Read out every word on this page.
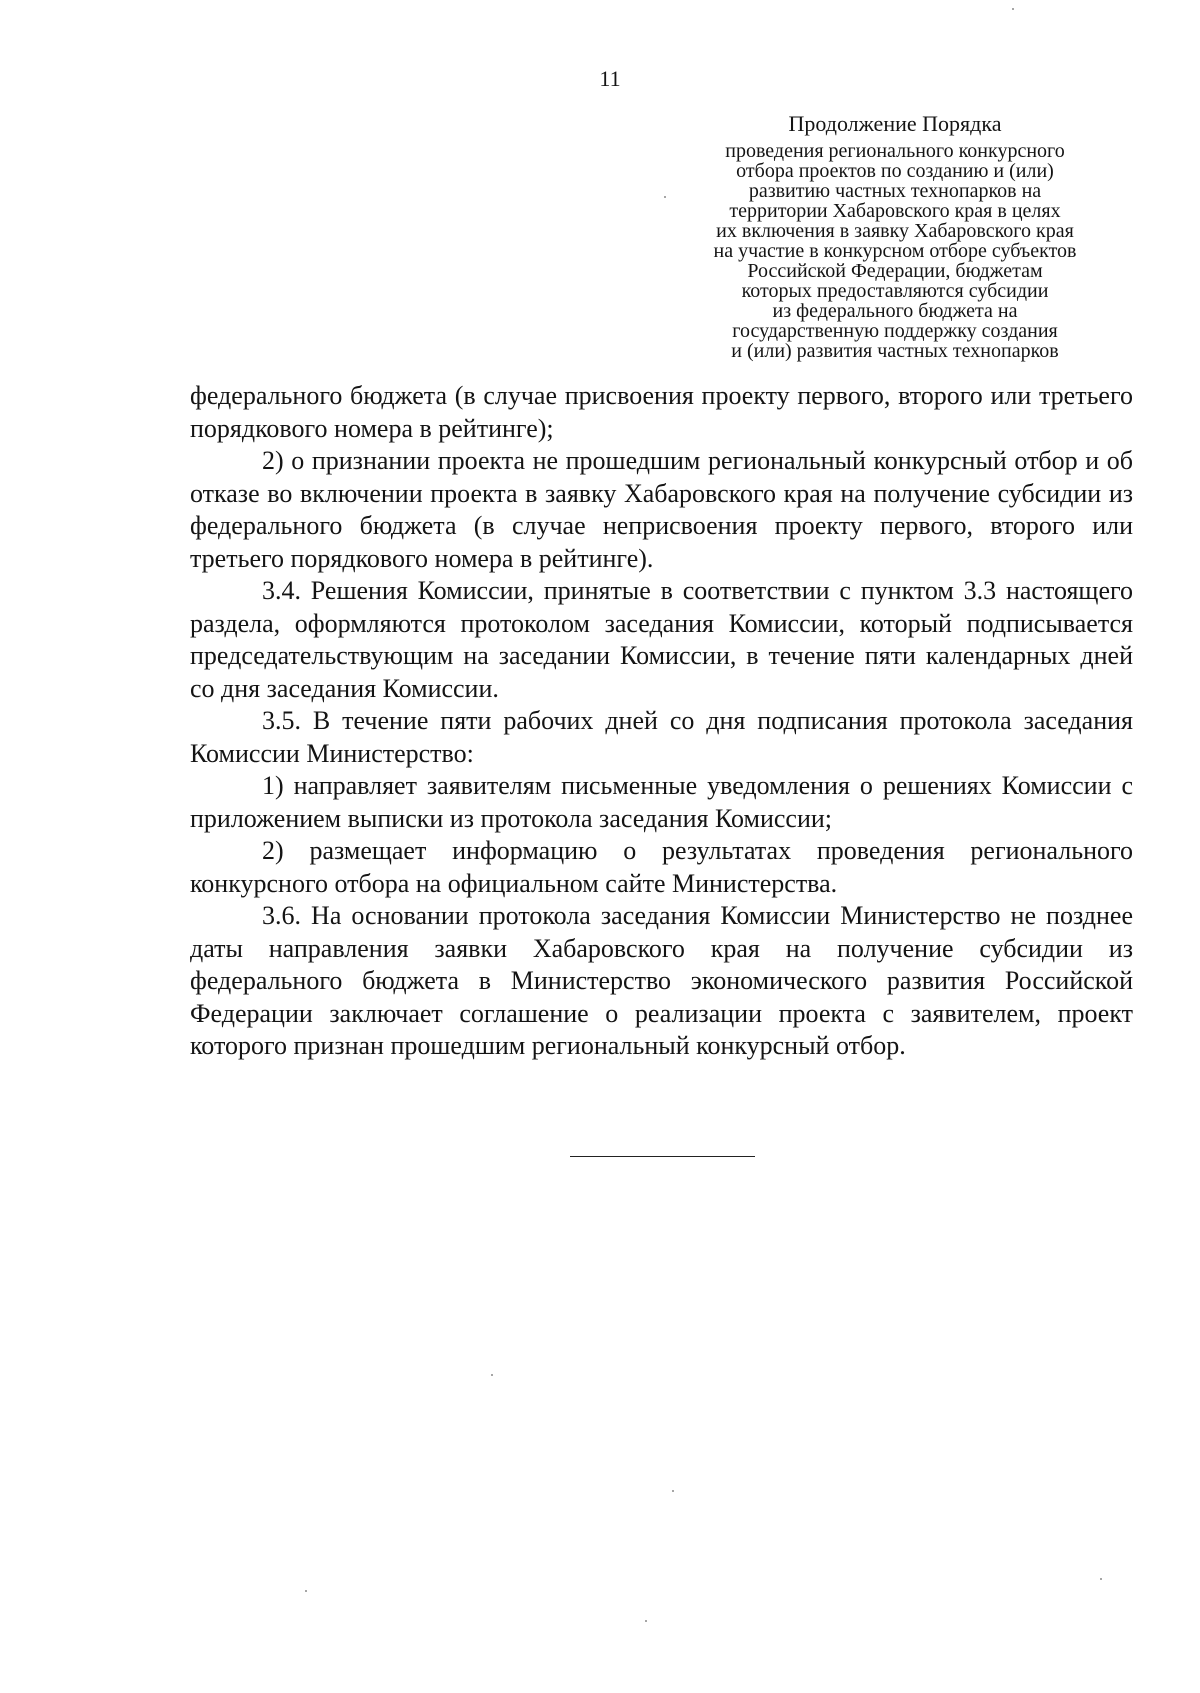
11
Продолжение Порядка
проведения регионального конкурсного
отбора проектов по созданию и (или)
развитию частных технопарков на
территории Хабаровского края в целях
их включения в заявку Хабаровского края
на участие в конкурсном отборе субъектов
Российской Федерации, бюджетам
которых предоставляются субсидии
из федерального бюджета на
государственную поддержку создания
и (или) развития частных технопарков

федерального бюджета (в случае присвоения проекту первого, второго или третьего порядкового номера в рейтинге);

2) о признании проекта не прошедшим региональный конкурсный отбор и об отказе во включении проекта в заявку Хабаровского края на получение субсидии из федерального бюджета (в случае неприсвоения проекту первого, второго или третьего порядкового номера в рейтинге).

3.4. Решения Комиссии, принятые в соответствии с пунктом 3.3 настоящего раздела, оформляются протоколом заседания Комиссии, который подписывается председательствующим на заседании Комиссии, в течение пяти календарных дней со дня заседания Комиссии.

3.5. В течение пяти рабочих дней со дня подписания протокола заседания Комиссии Министерство:

1) направляет заявителям письменные уведомления о решениях Комиссии с приложением выписки из протокола заседания Комиссии;

2) размещает информацию о результатах проведения регионального конкурсного отбора на официальном сайте Министерства.

3.6. На основании протокола заседания Комиссии Министерство не позднее даты направления заявки Хабаровского края на получение субсидии из федерального бюджета в Министерство экономического развития Российской Федерации заключает соглашение о реализации проекта с заявителем, проект которого признан прошедшим региональный конкурсный отбор.
